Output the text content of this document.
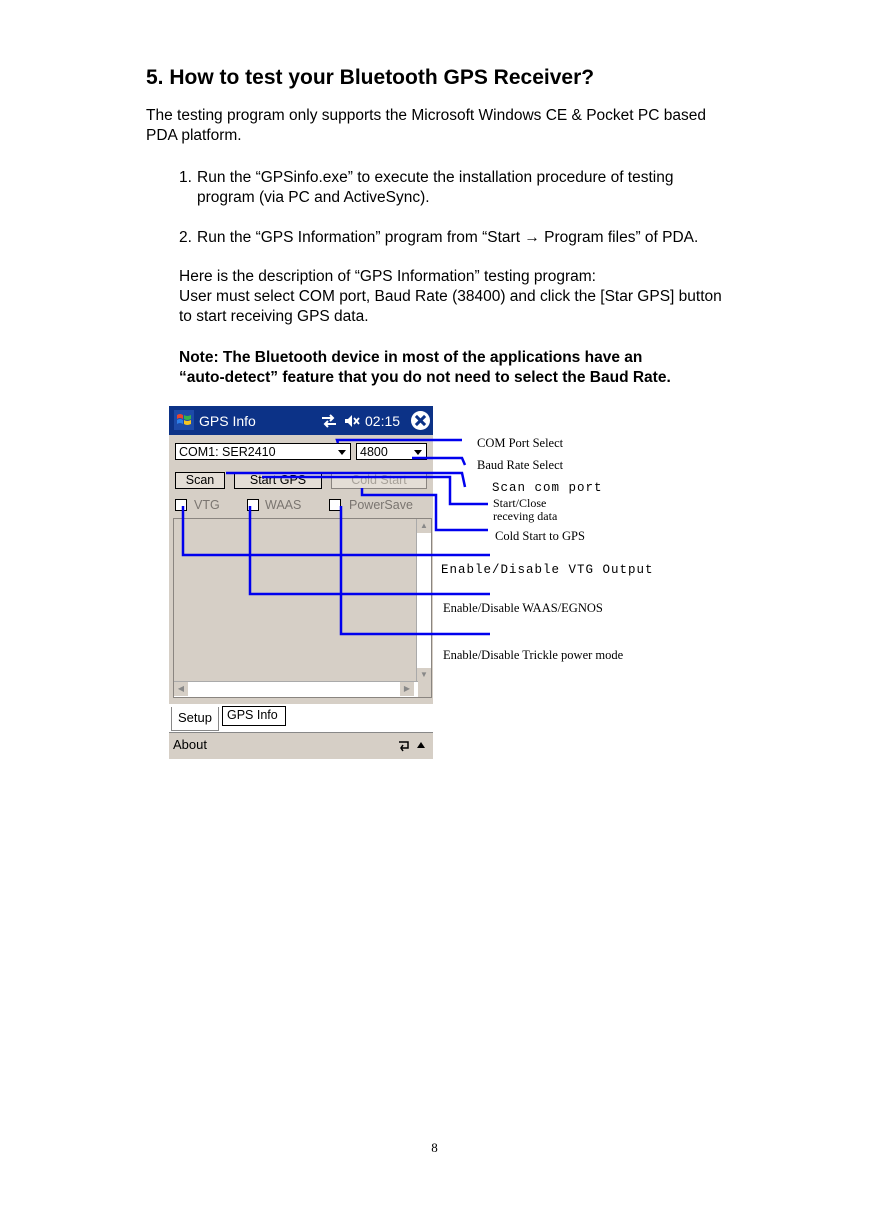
5. How to test your Bluetooth GPS Receiver?
The testing program only supports the Microsoft Windows CE & Pocket PC based
PDA platform.
1. Run the “GPSinfo.exe” to execute the installation procedure of testing
program (via PC and ActiveSync).
2. Run the “GPS Information” program from “Start → Program files” of PDA.
Here is the description of “GPS Information” testing program:
User must select COM port, Baud Rate (38400) and click the [Star GPS] button
to start receiving GPS data.
Note: The Bluetooth device in most of the applications have an
“auto-detect” feature that you do not need to select the Baud Rate.
GPS Info	02:15
COM1: SER2410	4800
Scan	Start GPS	Cold Start
VTG	WAAS	PowerSave
▲
▼
◀	▶
Setup	GPS Info
About
COM Port Select
Baud Rate Select
Scan com port
Start/Close
receving data
Cold Start to GPS
Enable/Disable VTG Output
Enable/Disable WAAS/EGNOS
Enable/Disable Trickle power mode
8
